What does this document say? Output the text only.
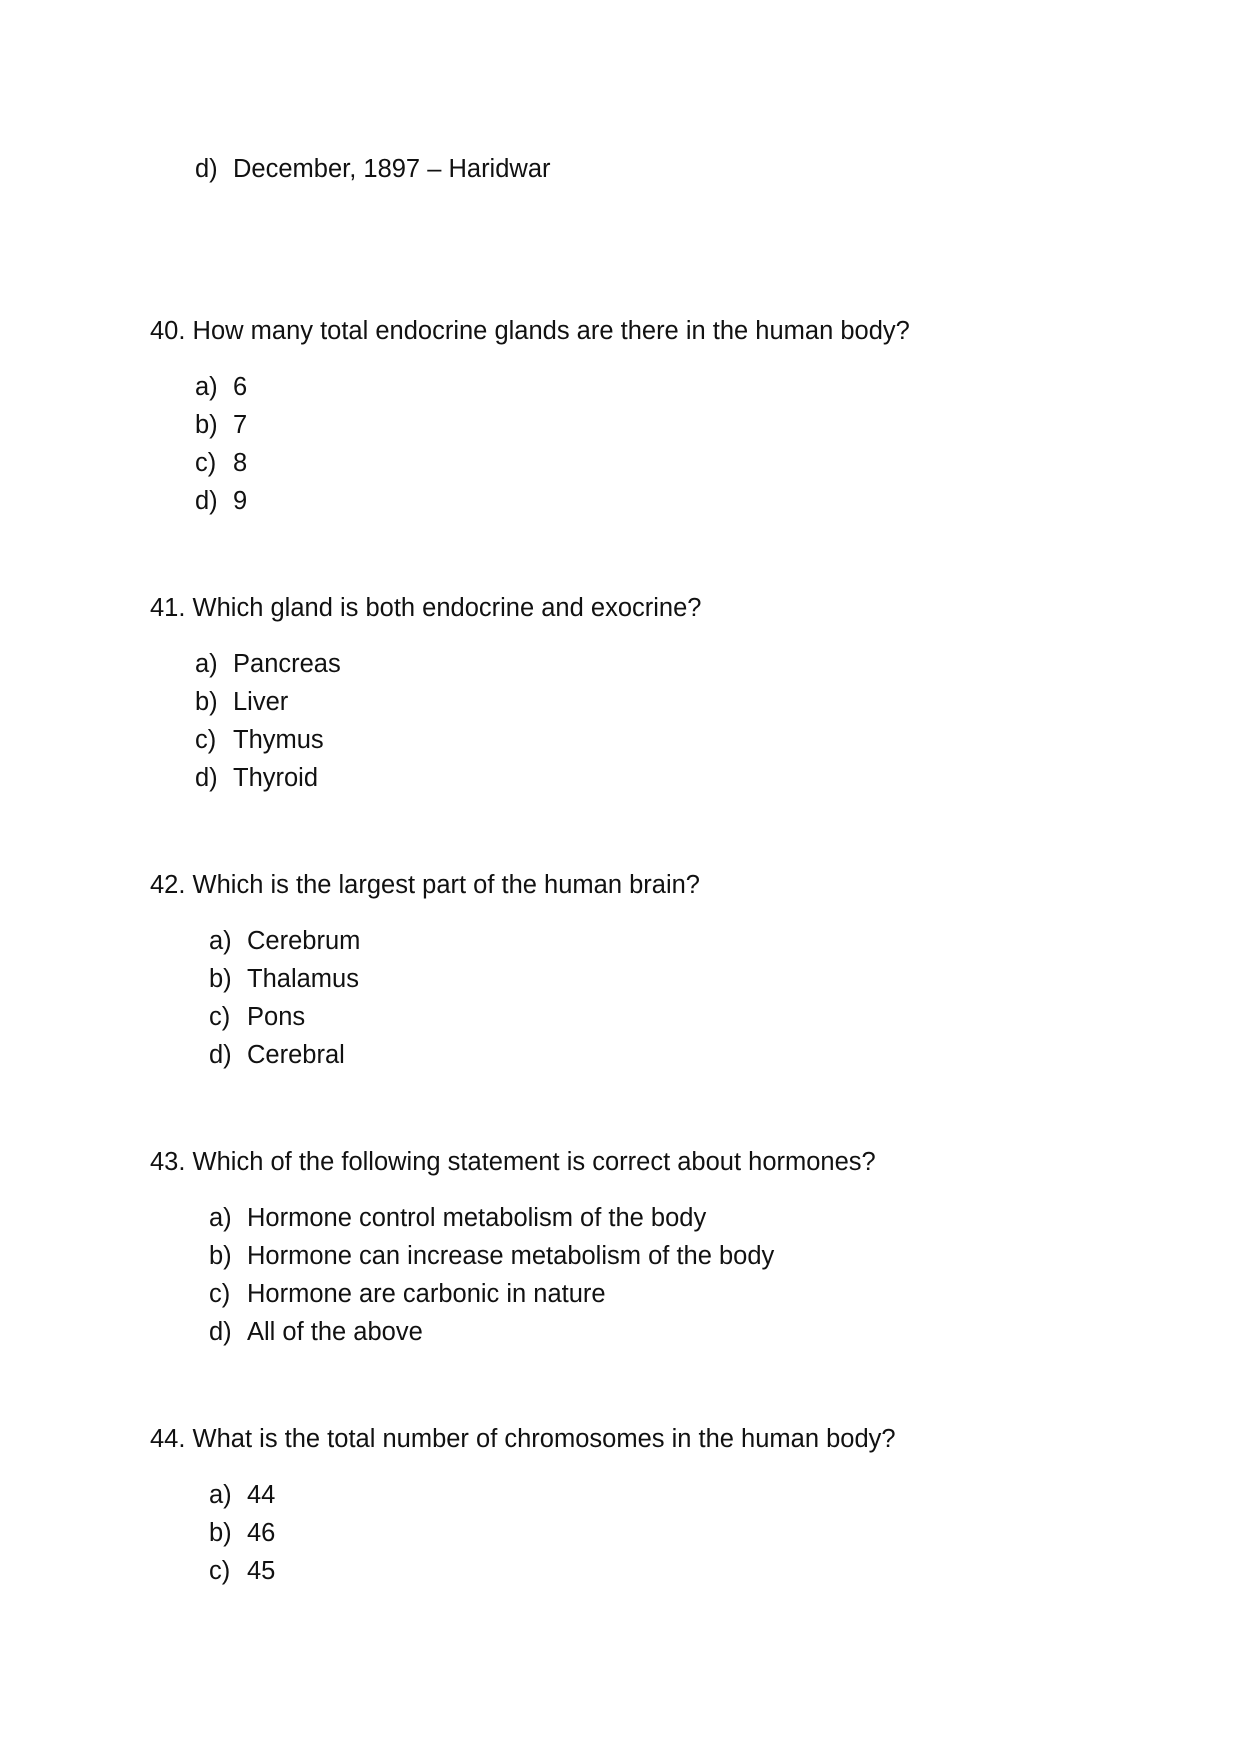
d) December, 1897 – Haridwar

40. How many total endocrine glands are there in the human body?

a) 6
b) 7
c) 8
d) 9

41. Which gland is both endocrine and exocrine?

a) Pancreas
b) Liver
c) Thymus
d) Thyroid

42. Which is the largest part of the human brain?

a) Cerebrum
b) Thalamus
c) Pons
d) Cerebral

43. Which of the following statement is correct about hormones?

a) Hormone control metabolism of the body
b) Hormone can increase metabolism of the body
c) Hormone are carbonic in nature
d) All of the above

44. What is the total number of chromosomes in the human body?

a) 44
b) 46
c) 45
